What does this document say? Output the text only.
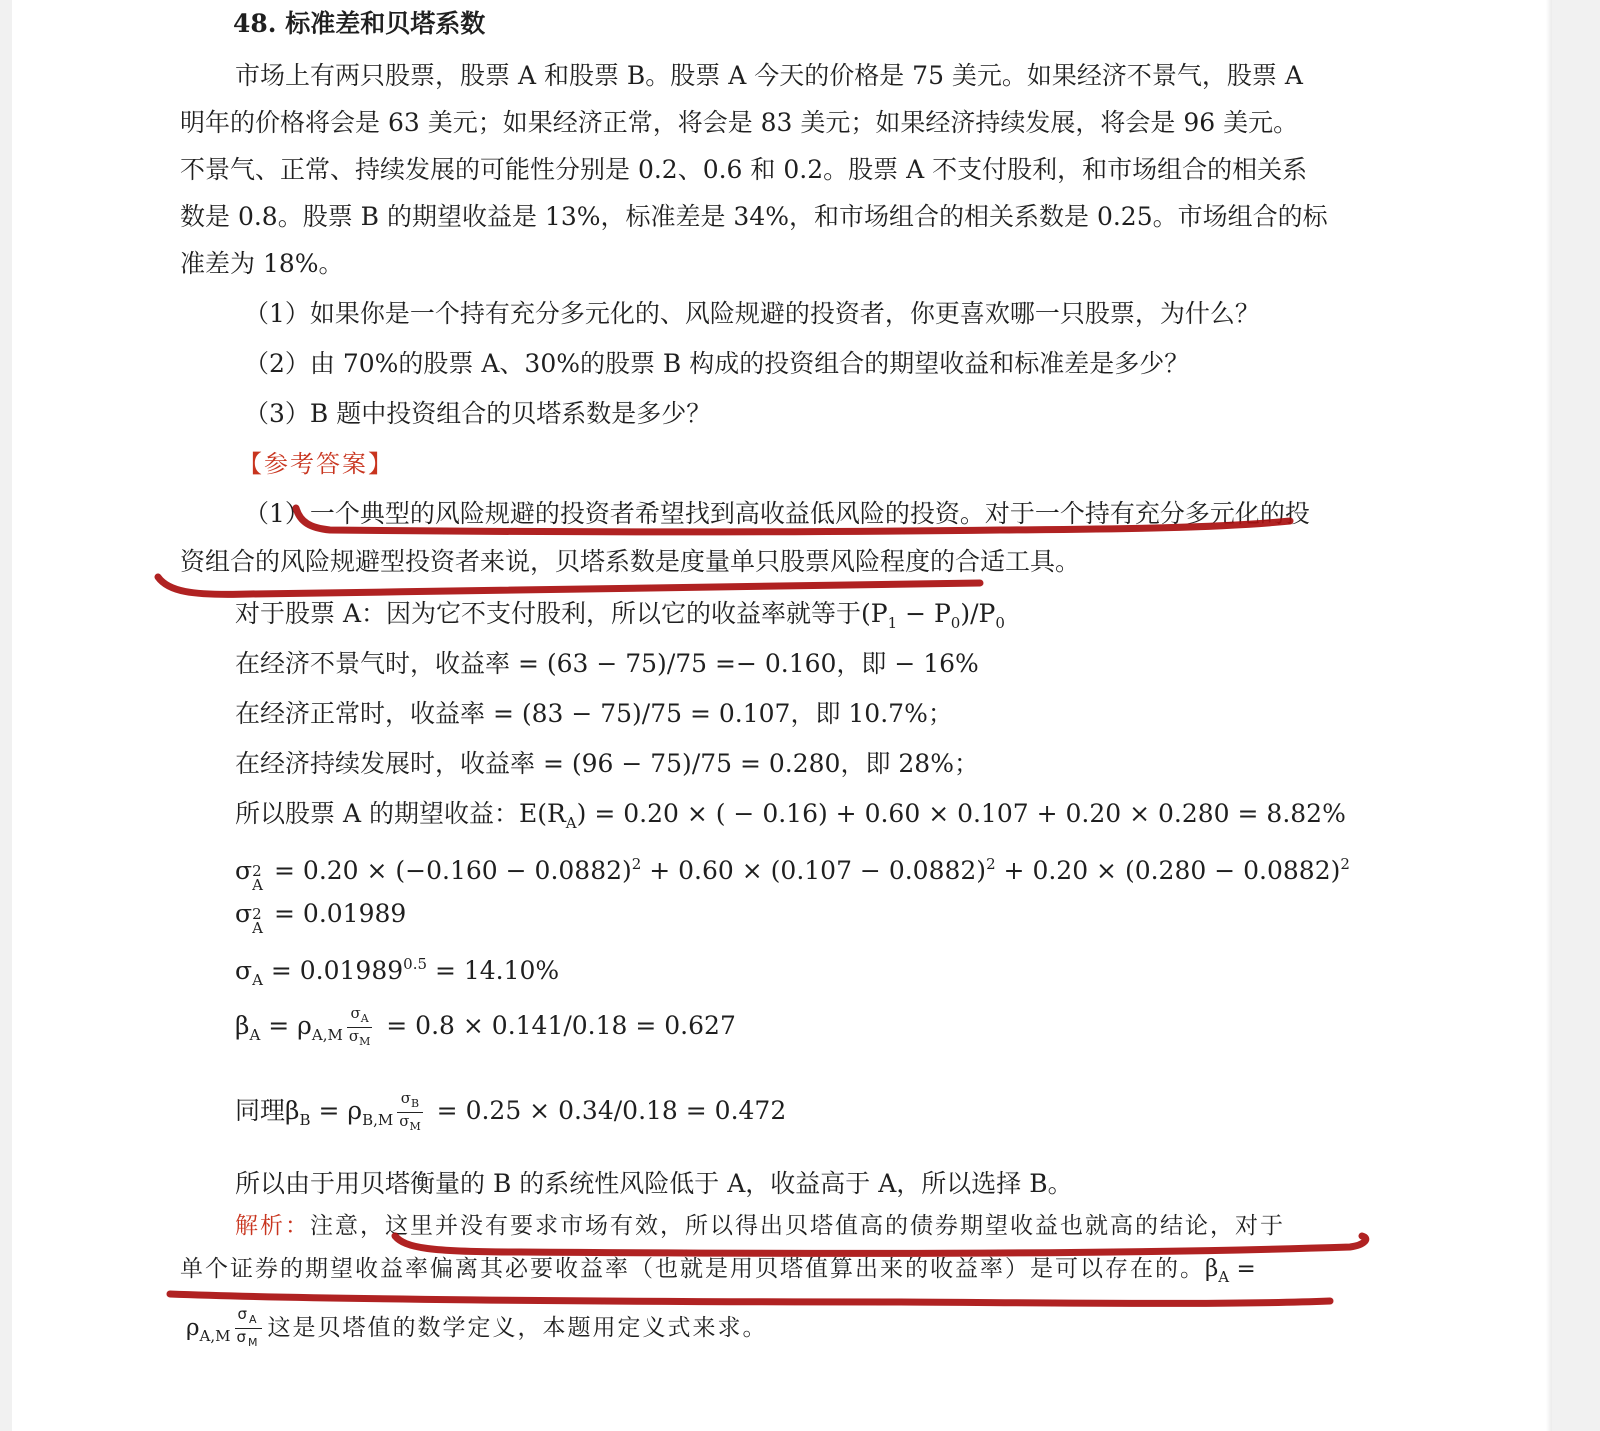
48. 标准差和贝塔系数
市场上有两只股票，股票 A 和股票 B。股票 A 今天的价格是 75 美元。如果经济不景气，股票 A
明年的价格将会是 63 美元；如果经济正常，将会是 83 美元；如果经济持续发展，将会是 96 美元。
不景气、正常、持续发展的可能性分别是 0.2、0.6 和 0.2。股票 A 不支付股利，和市场组合的相关系
数是 0.8。股票 B 的期望收益是 13%，标准差是 34%，和市场组合的相关系数是 0.25。市场组合的标
准差为 18%。
（1）如果你是一个持有充分多元化的、风险规避的投资者，你更喜欢哪一只股票，为什么？
（2）由 70%的股票 A、30%的股票 B 构成的投资组合的期望收益和标准差是多少？
（3）B 题中投资组合的贝塔系数是多少？
【参考答案】
（1）一个典型的风险规避的投资者希望找到高收益低风险的投资。对于一个持有充分多元化的投
资组合的风险规避型投资者来说，贝塔系数是度量单只股票风险程度的合适工具。
对于股票 A：因为它不支付股利，所以它的收益率就等于$(P_1 - P_0)/P_0$
在经济不景气时，收益率 = (63 − 75)/75 =− 0.160，即 − 16%
在经济正常时，收益率 = (83 − 75)/75 = 0.107，即 10.7%；
在经济持续发展时，收益率 = (96 − 75)/75 = 0.280，即 28%；
所以股票 A 的期望收益：$E(R_A) = 0.20$ × ( − 0.16) + 0.60 × 0.107 + 0.20 × 0.280 = 8.82%
σ 2
$A = 0.20 \times (-0.160 - 0.0882)^2 + 0.60 \times (0.107 - 0.0882)^2 + 0.20 \times (0.280 - 0.0882)^2$
σ 2
A = 0.01989
$\sigma_A = 0.01989^{0.5} = 14.10\%$
$\beta_A = \rho_{A,M} \frac{\sigma_A}{\sigma_M} = 0.8 \times 0.141/0.18 = 0.627$
同理$\beta_B = \rho_{B,M} \frac{\sigma_B}{\sigma_M} = 0.25 \times 0.34/0.18 = 0.472$
所以由于用贝塔衡量的 B 的系统性风险低于 A，收益高于 A，所以选择 B。
解析：注意，这里并没有要求市场有效，所以得出贝塔值高的债券期望收益也就高的结论，对于
单个证券的期望收益率偏离其必要收益率（也就是用贝塔值算出来的收益率）是可以存在的。$\beta_A$ =
$\rho_{A,M} \frac{\sigma_A}{\sigma_M}$ 这是贝塔值的数学定义，本题用定义式来求。
